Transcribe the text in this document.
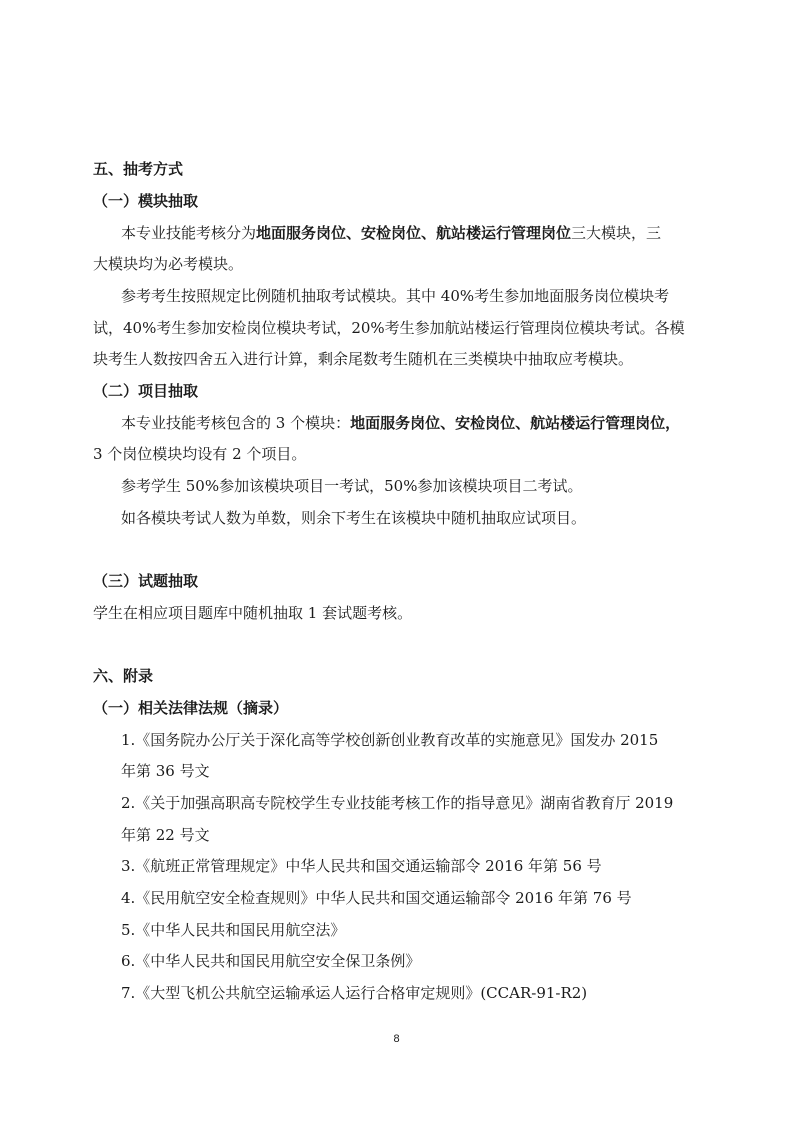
五、抽考方式
（一）模块抽取
本专业技能考核分为地面服务岗位、安检岗位、航站楼运行管理岗位三大模块，三
大模块均为必考模块。
参考考生按照规定比例随机抽取考试模块。其中 40%考生参加地面服务岗位模块考
试，40%考生参加安检岗位模块考试，20%考生参加航站楼运行管理岗位模块考试。各模
块考生人数按四舍五入进行计算，剩余尾数考生随机在三类模块中抽取应考模块。
（二）项目抽取
本专业技能考核包含的 3 个模块：地面服务岗位、安检岗位、航站楼运行管理岗位，
3 个岗位模块均设有 2 个项目。
参考学生 50%参加该模块项目一考试，50%参加该模块项目二考试。
如各模块考试人数为单数，则余下考生在该模块中随机抽取应试项目。
（三）试题抽取
学生在相应项目题库中随机抽取 1 套试题考核。
六、附录
（一）相关法律法规（摘录）
1.《国务院办公厅关于深化高等学校创新创业教育改革的实施意见》国发办 2015
年第 36 号文
2.《关于加强高职高专院校学生专业技能考核工作的指导意见》湖南省教育厅 2019
年第 22 号文
3.《航班正常管理规定》中华人民共和国交通运输部令 2016 年第 56 号
4.《民用航空安全检查规则》中华人民共和国交通运输部令 2016 年第 76 号
5.《中华人民共和国民用航空法》
6.《中华人民共和国民用航空安全保卫条例》
7.《大型飞机公共航空运输承运人运行合格审定规则》(CCAR-91-R2)
8
